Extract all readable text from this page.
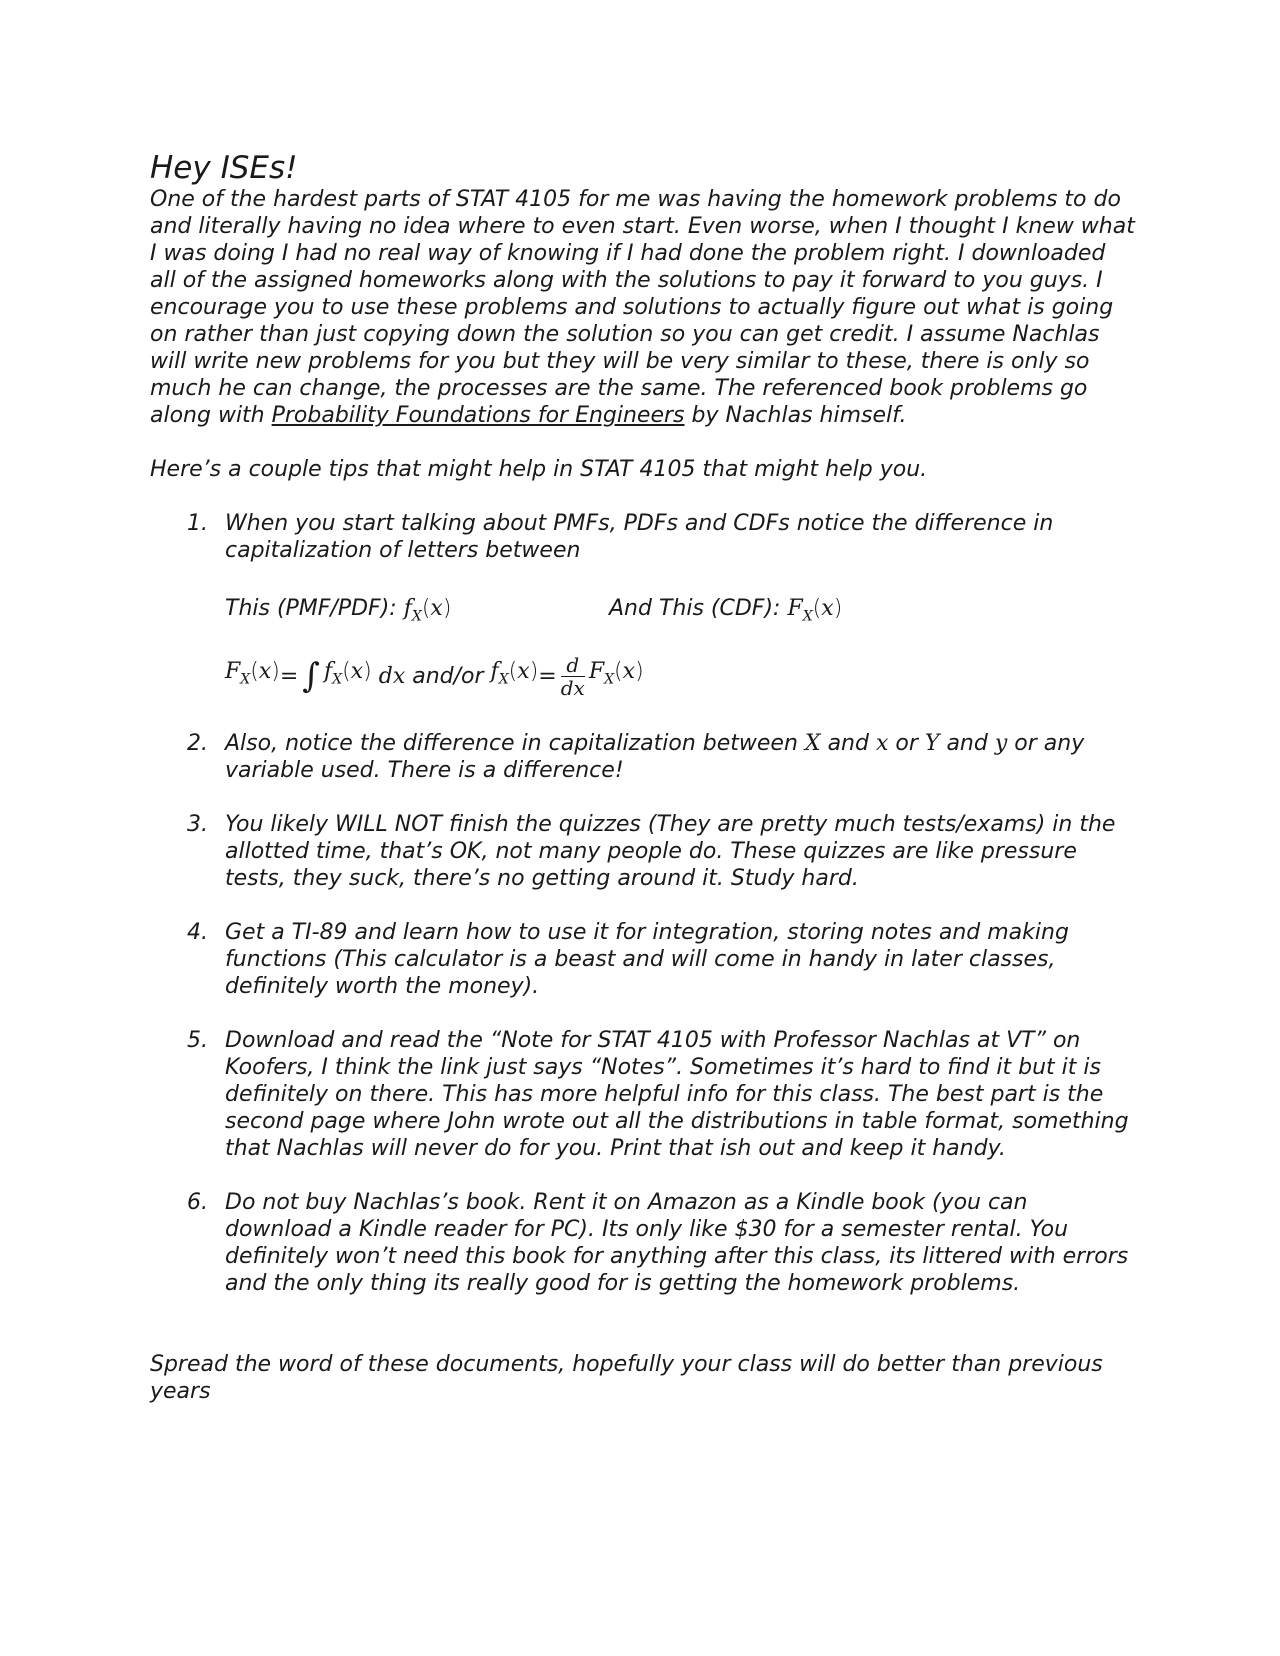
Hey ISEs!

One of the hardest parts of STAT 4105 for me was having the homework problems to do and literally having no idea where to even start. Even worse, when I thought I knew what I was doing I had no real way of knowing if I had done the problem right. I downloaded all of the assigned homeworks along with the solutions to pay it forward to you guys. I encourage you to use these problems and solutions to actually figure out what is going on rather than just copying down the solution so you can get credit. I assume Nachlas will write new problems for you but they will be very similar to these, there is only so much he can change, the processes are the same. The referenced book problems go along with Probability Foundations for Engineers by Nachlas himself.

Here’s a couple tips that might help in STAT 4105 that might help you.

1. When you start talking about PMFs, PDFs and CDFs notice the difference in capitalization of letters between
This (PMF/PDF): $f_X(x)$	And This (CDF): $F_X(x)$
$F_X(x)$ = ∫ $f_X(x)$
dx
and/or
$f_X(x) = \frac{d}{dx} F_X(x)$
2. Also, notice the difference in capitalization between X and x or Y and y or any variable used. There is a difference!
3. You likely WILL NOT finish the quizzes (They are pretty much tests/exams) in the allotted time, that’s OK, not many people do. These quizzes are like pressure tests, they suck, there’s no getting around it. Study hard.
4. Get a TI-89 and learn how to use it for integration, storing notes and making functions (This calculator is a beast and will come in handy in later classes, definitely worth the money).
5. Download and read the “Note for STAT 4105 with Professor Nachlas at VT” on Koofers, I think the link just says “Notes”. Sometimes it’s hard to find it but it is definitely on there. This has more helpful info for this class. The best part is the second page where John wrote out all the distributions in table format, something that Nachlas will never do for you. Print that ish out and keep it handy.
6. Do not buy Nachlas’s book. Rent it on Amazon as a Kindle book (you can download a Kindle reader for PC). Its only like $30 for a semester rental. You definitely won’t need this book for anything after this class, its littered with errors and the only thing its really good for is getting the homework problems.

Spread the word of these documents, hopefully your class will do better than previous years
